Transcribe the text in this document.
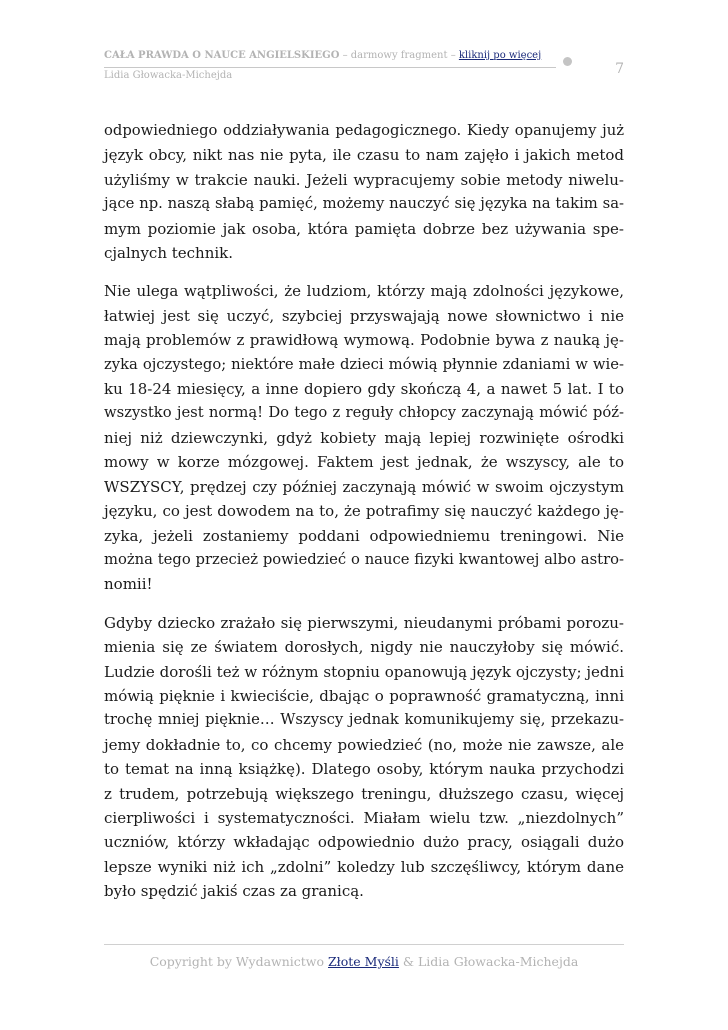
CAŁA PRAWDA O NAUCE ANGIELSKIEGO – darmowy fragment – kliknij po więcej
Lidia Głowacka-Michejda	7

odpowiedniego oddziaływania pedagogicznego. Kiedy opanujemy już
język obcy, nikt nas nie pyta, ile czasu to nam zajęło i jakich metod
użyliśmy w trakcie nauki. Jeżeli wypracujemy sobie metody niwelu-
jące np. naszą słabą pamięć, możemy nauczyć się języka na takim sa-
mym poziomie jak osoba, która pamięta dobrze bez używania spe-
cjalnych technik.

Nie ulega wątpliwości, że ludziom, którzy mają zdolności językowe,
łatwiej jest się uczyć, szybciej przyswajają nowe słownictwo i nie
mają problemów z prawidłową wymową. Podobnie bywa z nauką ję-
zyka ojczystego; niektóre małe dzieci mówią płynnie zdaniami w wie-
ku 18-24 miesięcy, a inne dopiero gdy skończą 4, a nawet 5 lat. I to
wszystko jest normą! Do tego z reguły chłopcy zaczynają mówić póź-
niej niż dziewczynki, gdyż kobiety mają lepiej rozwinięte ośrodki
mowy w korze mózgowej. Faktem jest jednak, że wszyscy, ale to
WSZYSCY, prędzej czy później zaczynają mówić w swoim ojczystym
języku, co jest dowodem na to, że potrafimy się nauczyć każdego ję-
zyka, jeżeli zostaniemy poddani odpowiedniemu treningowi. Nie
można tego przecież powiedzieć o nauce fizyki kwantowej albo astro-
nomii!

Gdyby dziecko zrażało się pierwszymi, nieudanymi próbami porozu-
mienia się ze światem dorosłych, nigdy nie nauczyłoby się mówić.
Ludzie dorośli też w różnym stopniu opanowują język ojczysty; jedni
mówią pięknie i kwieciście, dbając o poprawność gramatyczną, inni
trochę mniej pięknie… Wszyscy jednak komunikujemy się, przekazu-
jemy dokładnie to, co chcemy powiedzieć (no, może nie zawsze, ale
to temat na inną książkę). Dlatego osoby, którym nauka przychodzi
z trudem, potrzebują większego treningu, dłuższego czasu, więcej
cierpliwości i systematyczności. Miałam wielu tzw. „niezdolnych”
uczniów, którzy wkładając odpowiednio dużo pracy, osiągali dużo
lepsze wyniki niż ich „zdolni” koledzy lub szczęśliwcy, którym dane
było spędzić jakiś czas za granicą.

Copyright by Wydawnictwo Złote Myśli & Lidia Głowacka-Michejda
